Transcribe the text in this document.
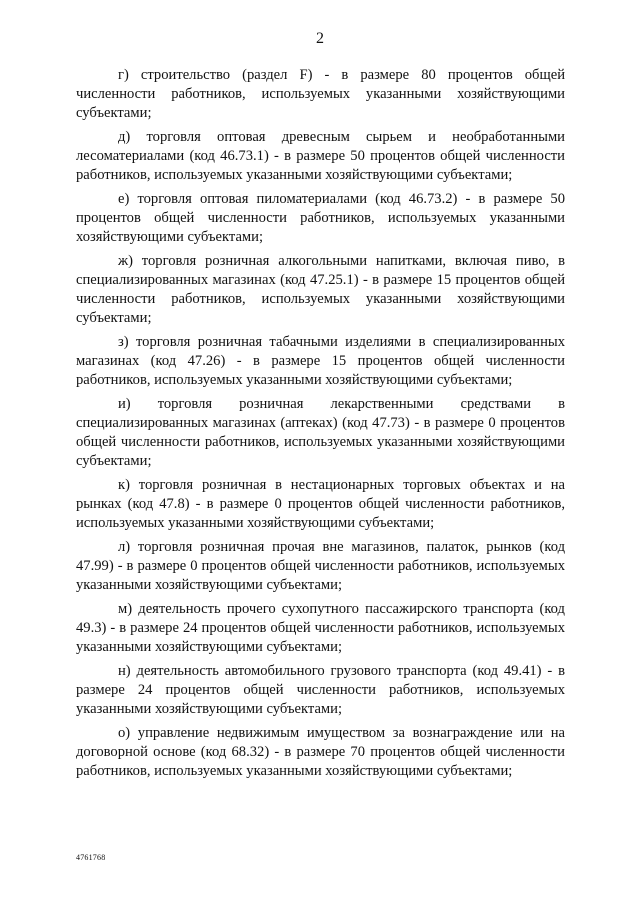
2

г) строительство (раздел F) - в размере 80 процентов общей численности работников, используемых указанными хозяйствующими субъектами;

д) торговля оптовая древесным сырьем и необработанными лесоматериалами (код 46.73.1) - в размере 50 процентов общей численности работников, используемых указанными хозяйствующими субъектами;

е) торговля оптовая пиломатериалами (код 46.73.2) - в размере 50 процентов общей численности работников, используемых указанными хозяйствующими субъектами;

ж) торговля розничная алкогольными напитками, включая пиво, в специализированных магазинах (код 47.25.1) - в размере 15 процентов общей численности работников, используемых указанными хозяйствующими субъектами;

з) торговля розничная табачными изделиями в специализированных магазинах (код 47.26) - в размере 15 процентов общей численности работников, используемых указанными хозяйствующими субъектами;

и) торговля розничная лекарственными средствами в специализированных магазинах (аптеках) (код 47.73) - в размере 0 процентов общей численности работников, используемых указанными хозяйствующими субъектами;

к) торговля розничная в нестационарных торговых объектах и на рынках (код 47.8) - в размере 0 процентов общей численности работников, используемых указанными хозяйствующими субъектами;

л) торговля розничная прочая вне магазинов, палаток, рынков (код 47.99) - в размере 0 процентов общей численности работников, используемых указанными хозяйствующими субъектами;

м) деятельность прочего сухопутного пассажирского транспорта (код 49.3) - в размере 24 процентов общей численности работников, используемых указанными хозяйствующими субъектами;

н) деятельность автомобильного грузового транспорта (код 49.41) - в размере 24 процентов общей численности работников, используемых указанными хозяйствующими субъектами;

о) управление недвижимым имуществом за вознаграждение или на договорной основе (код 68.32) - в размере 70 процентов общей численности работников, используемых указанными хозяйствующими субъектами;

4761768
